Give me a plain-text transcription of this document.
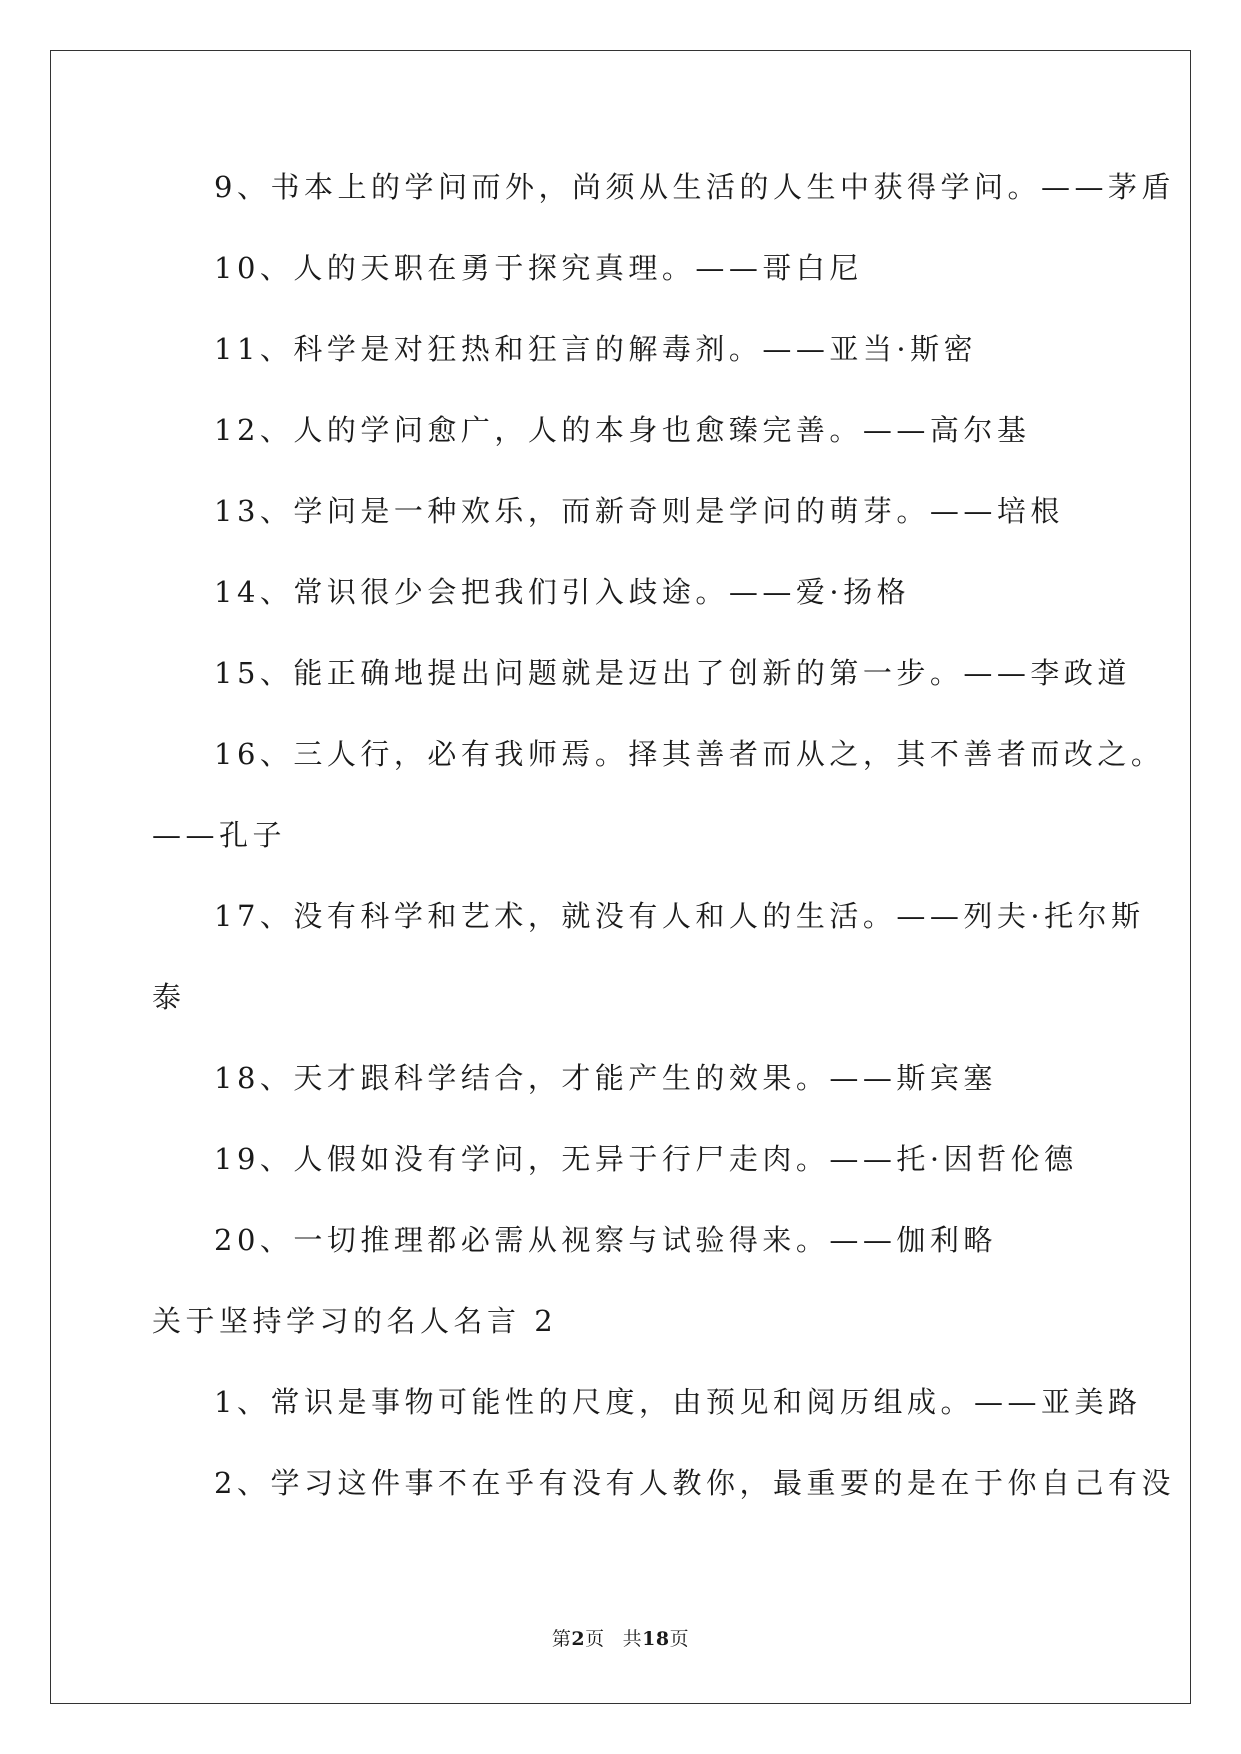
9、书本上的学问而外，尚须从生活的人生中获得学问。——茅盾
10、人的天职在勇于探究真理。——哥白尼
11、科学是对狂热和狂言的解毒剂。——亚当·斯密
12、人的学问愈广，人的本身也愈臻完善。——高尔基
13、学问是一种欢乐，而新奇则是学问的萌芽。——培根
14、常识很少会把我们引入歧途。——爱·扬格
15、能正确地提出问题就是迈出了创新的第一步。——李政道
16、三人行，必有我师焉。择其善者而从之，其不善者而改之。
——孔子
17、没有科学和艺术，就没有人和人的生活。——列夫·托尔斯
泰
18、天才跟科学结合，才能产生的效果。——斯宾塞
19、人假如没有学问，无异于行尸走肉。——托·因哲伦德
20、一切推理都必需从视察与试验得来。——伽利略
关于坚持学习的名人名言 2
1、常识是事物可能性的尺度，由预见和阅历组成。——亚美路
2、学习这件事不在乎有没有人教你，最重要的是在于你自己有没
第2页 共18页
